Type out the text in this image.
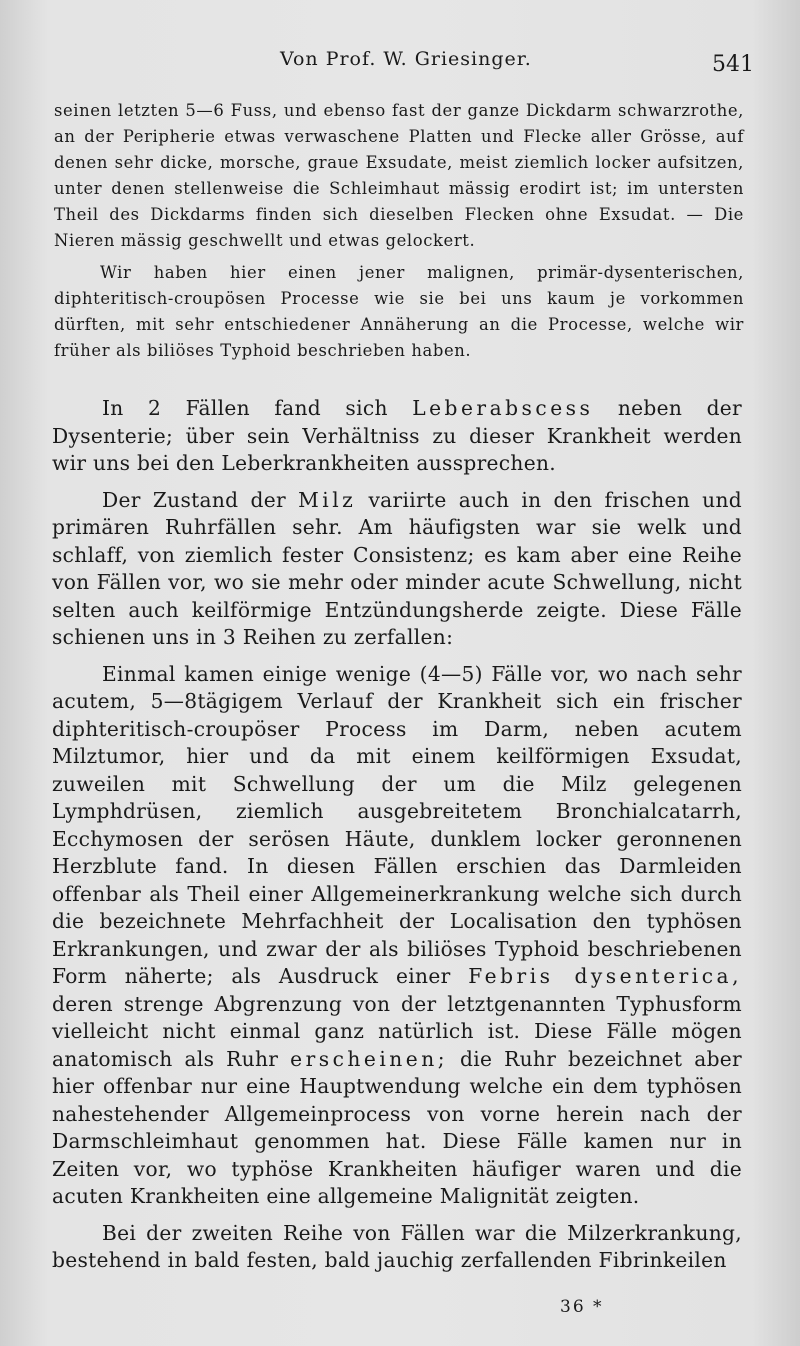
Von Prof. W. Griesinger.	541

seinen letzten 5—6 Fuss, und ebenso fast der ganze Dickdarm schwarzrothe, an der Peripherie etwas verwaschene Platten und Flecke aller Grösse, auf denen sehr dicke, morsche, graue Exsudate, meist ziemlich locker aufsitzen, unter denen stellenweise die Schleimhaut mässig erodirt ist; im untersten Theil des Dickdarms finden sich dieselben Flecken ohne Exsudat. — Die Nieren mässig geschwellt und etwas gelockert.

Wir haben hier einen jener malignen, primär-dysenterischen, diphteritisch-croupösen Processe wie sie bei uns kaum je vorkommen dürften, mit sehr entschiedener Annäherung an die Processe, welche wir früher als biliöses Typhoid beschrieben haben.

In 2 Fällen fand sich Leberabscess neben der Dysenterie; über sein Verhältniss zu dieser Krankheit werden wir uns bei den Leberkrankheiten aussprechen.

Der Zustand der Milz variirte auch in den frischen und primären Ruhrfällen sehr. Am häufigsten war sie welk und schlaff, von ziemlich fester Consistenz; es kam aber eine Reihe von Fällen vor, wo sie mehr oder minder acute Schwellung, nicht selten auch keilförmige Entzündungsherde zeigte. Diese Fälle schienen uns in 3 Reihen zu zerfallen:

Einmal kamen einige wenige (4—5) Fälle vor, wo nach sehr acutem, 5—8tägigem Verlauf der Krankheit sich ein frischer diphteritisch-croupöser Process im Darm, neben acutem Milztumor, hier und da mit einem keilförmigen Exsudat, zuweilen mit Schwellung der um die Milz gelegenen Lymphdrüsen, ziemlich ausgebreitetem Bronchialcatarrh, Ecchymosen der serösen Häute, dunklem locker geronnenen Herzblute fand. In diesen Fällen erschien das Darmleiden offenbar als Theil einer Allgemeinerkrankung welche sich durch die bezeichnete Mehrfachheit der Localisation den typhösen Erkrankungen, und zwar der als biliöses Typhoid beschriebenen Form näherte; als Ausdruck einer Febris dysenterica, deren strenge Abgrenzung von der letztgenannten Typhusform vielleicht nicht einmal ganz natürlich ist. Diese Fälle mögen anatomisch als Ruhr erscheinen; die Ruhr bezeichnet aber hier offenbar nur eine Hauptwendung welche ein dem typhösen nahestehender Allgemeinprocess von vorne herein nach der Darmschleimhaut genommen hat. Diese Fälle kamen nur in Zeiten vor, wo typhöse Krankheiten häufiger waren und die acuten Krankheiten eine allgemeine Malignität zeigten.

Bei der zweiten Reihe von Fällen war die Milzerkrankung, bestehend in bald festen, bald jauchig zerfallenden Fibrinkeilen

36 *
